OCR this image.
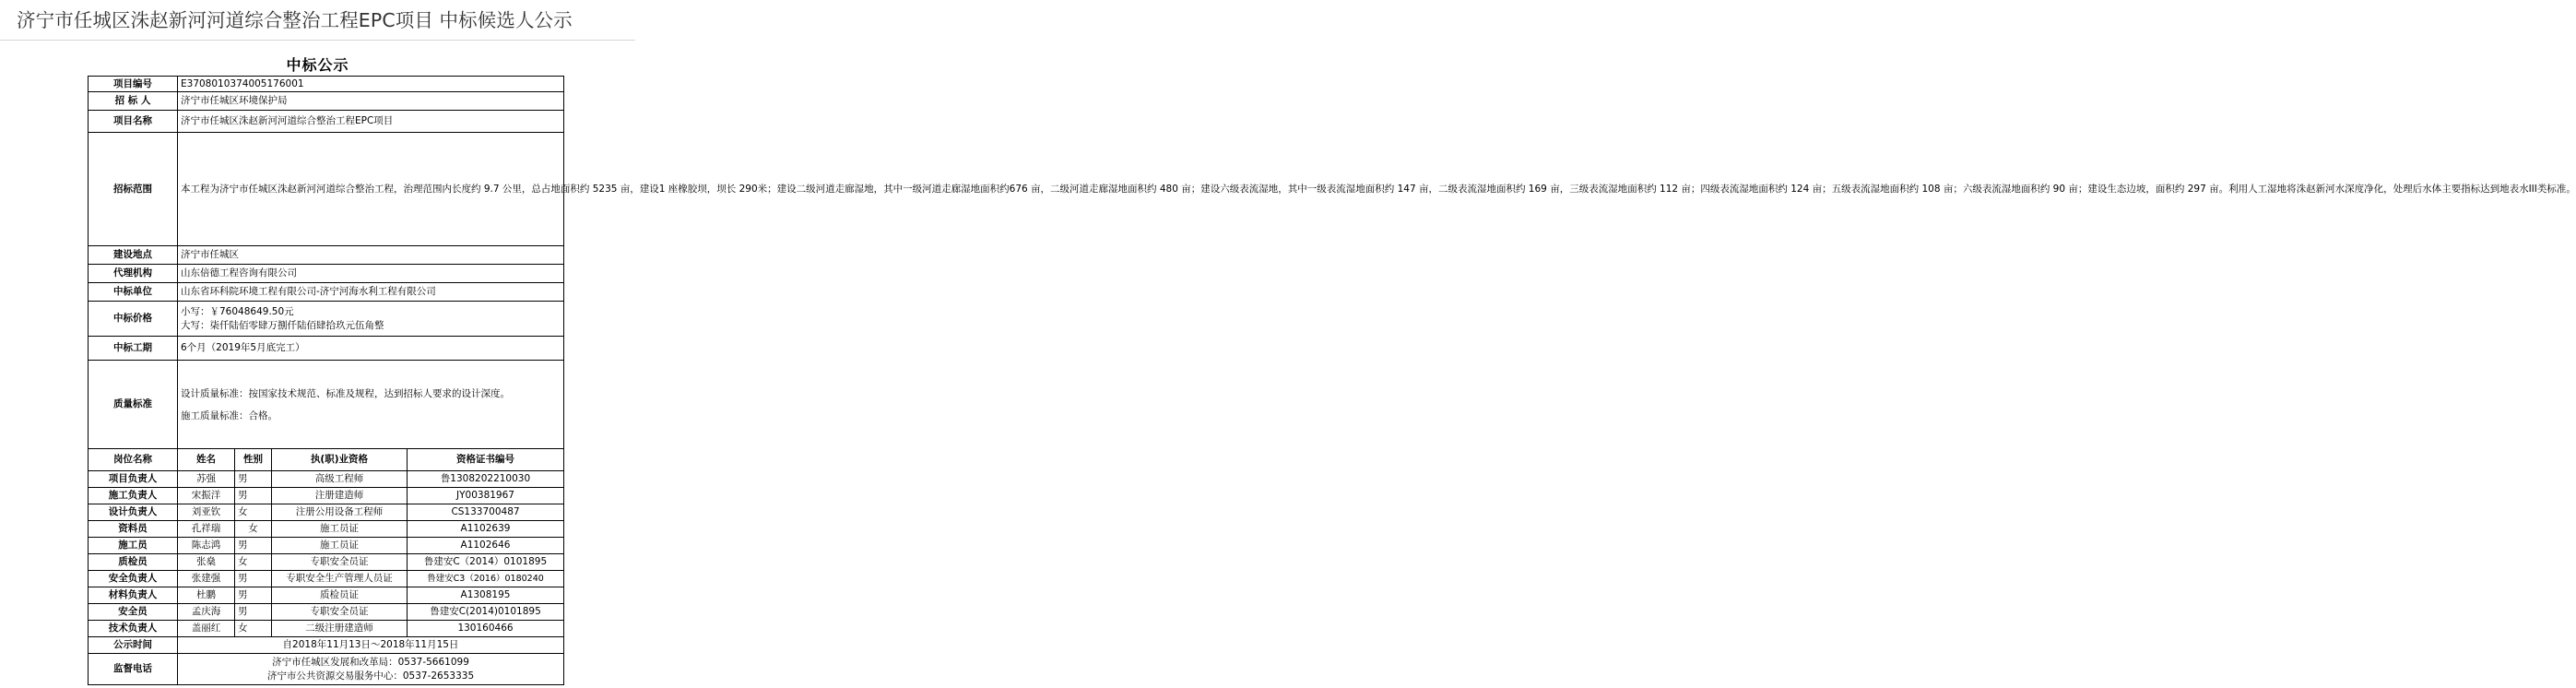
济宁市任城区洙赵新河河道综合整治工程EPC项目 中标候选人公示
中标公示
项目编号	E3708010374005176001			
招 标 人	济宁市任城区环境保护局			
项目名称	济宁市任城区洙赵新河河道综合整治工程EPC项目			
招标范围	本工程为济宁市任城区洙赵新河河道综合整治工程，治理范围内长度约 9.7 公里，总占地面积约 5235 亩，建设1 座橡胶坝，坝长 290米；建设二级河道走廊湿地，其中一级河道走廊湿地面积约676 亩，二级河道走廊湿地面积约 480 亩；建设六级表流湿地，其中一级表流湿地面积约 147 亩，二级表流湿地面积约 169 亩，三级表流湿地面积约 112 亩；四级表流湿地面积约 124 亩；五级表流湿地面积约 108 亩；六级表流湿地面积约 90 亩；建设生态边坡，面积约 297 亩。利用人工湿地将洙赵新河水深度净化，处理后水体主要指标达到地表水III类标准。			
建设地点	济宁市任城区			
代理机构	山东倍德工程咨询有限公司			
中标单位	山东省环科院环境工程有限公司-济宁河海水利工程有限公司			
中标价格	小写：￥76048649.50元
大写：柒仟陆佰零肆万捌仟陆佰肆拾玖元伍角整			

中标工期	6个月（2019年5月底完工）			
质量标准	设计质量标准：按国家技术规范、标准及规程，达到招标人要求的设计深度。
施工质量标准：合格。			

岗位名称	姓名	性别	执(职)业资格	资格证书编号
项目负责人	苏强	男	高级工程师	鲁1308202210030
施工负责人	宋振洋	男	注册建造师	JY00381967
设计负责人	刘亚钦	女	注册公用设备工程师	CS133700487
资料员	孔祥瑞	女	施工员证	A1102639
施工员	陈志鸿	男	施工员证	A1102646
质检员	张燊	女	专职安全员证	鲁建安C（2014）0101895
安全负责人	张建强	男	专职安全生产管理人员证	鲁建安C3（2016）0180240
材料负责人	杜鹏	男	质检员证	A1308195
安全员	孟庆海	男	专职安全员证	鲁建安C(2014)0101895
技术负责人	盖丽红	女	二级注册建造师	130160466
公示时间	自2018年11月13日～2018年11月15日			
监督电话	济宁市任城区发展和改革局：0537-5661099
济宁市公共资源交易服务中心：0537-2653335			
